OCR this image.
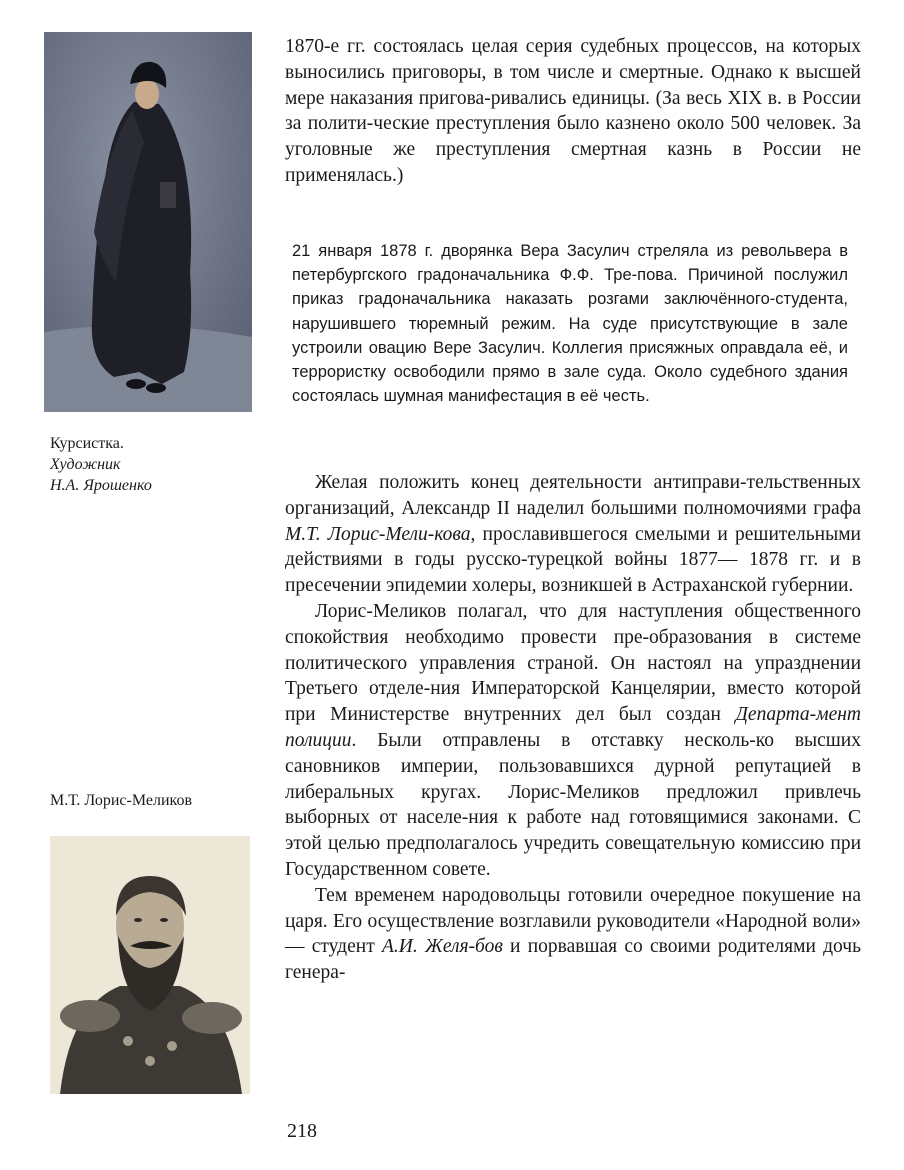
Курсистка.
Художник
Н.А. Ярошенко
М.Т. Лорис-Меликов

1870-е гг. состоялась целая серия судебных процессов, на которых выносились приговоры, в том числе и смертные. Однако к высшей мере наказания пригова-ривались единицы. (За весь XIX в. в России за полити-ческие преступления было казнено около 500 человек. За уголовные же преступления смертная казнь в России не применялась.)

21 января 1878 г. дворянка Вера Засулич стреляла из револьвера в петербургского градоначальника Ф.Ф. Тре-пова. Причиной послужил приказ градоначальника наказать розгами заключённого-студента, нарушившего тюремный режим. На суде присутствующие в зале устроили овацию Вере Засулич. Коллегия присяжных оправдала её, и террористку освободили прямо в зале суда. Около судебного здания состоялась шумная манифестация в её честь.

Желая положить конец деятельности антиправи-тельственных организаций, Александр II наделил большими полномочиями графа М.Т. Лорис-Мели-кова, прославившегося смелыми и решительными действиями в годы русско-турецкой войны 1877— 1878 гг. и в пресечении эпидемии холеры, возникшей в Астраханской губернии.

Лорис-Меликов полагал, что для наступления общественного спокойствия необходимо провести пре-образования в системе политического управления страной. Он настоял на упразднении Третьего отделе-ния Императорской Канцелярии, вместо которой при Министерстве внутренних дел был создан Департа-мент полиции. Были отправлены в отставку несколь-ко высших сановников империи, пользовавшихся дурной репутацией в либеральных кругах. Лорис-Меликов предложил привлечь выборных от населе-ния к работе над готовящимися законами. С этой целью предполагалось учредить совещательную комиссию при Государственном совете.

Тем временем народовольцы готовили очередное покушение на царя. Его осуществление возглавили руководители «Народной воли» — студент А.И. Желя-бов и порвавшая со своими родителями дочь генера-

218
